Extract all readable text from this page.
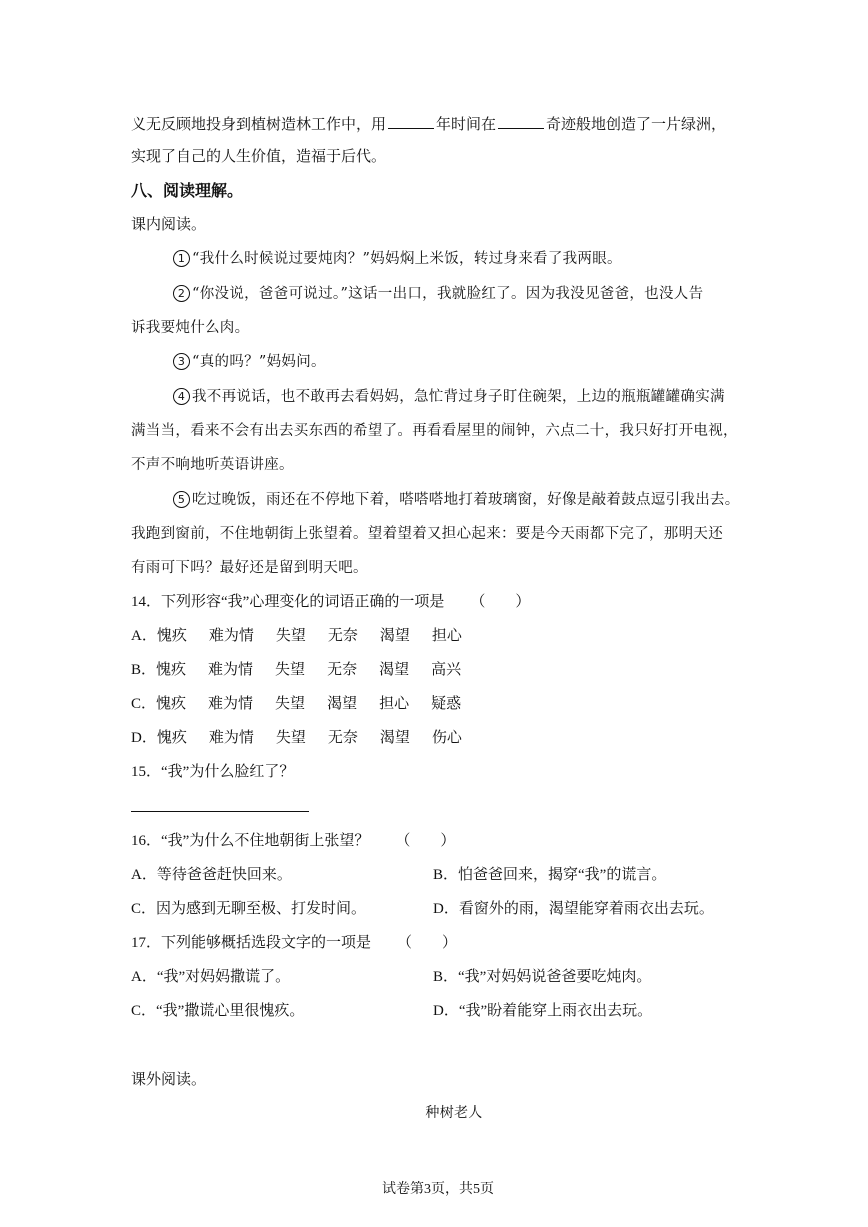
义无反顾地投身到植树造林工作中，用	年时间在	奇迹般地创造了一片绿洲，
实现了自己的人生价值，造福于后代。
八、阅读理解。
课内阅读。
1 “我什么时候说过要炖肉？”妈妈焖上米饭，转过身来看了我两眼。
2 “你没说，爸爸可说过。”这话一出口，我就脸红了。因为我没见爸爸，也没人告
诉我要炖什么肉。
3 “真的吗？”妈妈问。
4 我不再说话，也不敢再去看妈妈，急忙背过身子盯住碗架，上边的瓶瓶罐罐确实满
满当当，看来不会有出去买东西的希望了。再看看屋里的闹钟，六点二十，我只好打开电视，
不声不响地听英语讲座。
5 吃过晚饭，雨还在不停地下着，嗒嗒嗒地打着玻璃窗，好像是敲着鼓点逗引我出去。
我跑到窗前，不住地朝街上张望着。望着望着又担心起来：要是今天雨都下完了，那明天还
有雨可下吗？最好还是留到明天吧。
14．下列形容“我”心理变化的词语正确的一项是 （　　）
A．愧疚 难为情 失望 无奈 渴望 担心
B．愧疚 难为情 失望 无奈 渴望 高兴
C．愧疚 难为情 失望 渴望 担心 疑惑
D．愧疚 难为情 失望 无奈 渴望 伤心
15．“我”为什么脸红了？
16．“我”为什么不住地朝街上张望？ （　　）
A．等待爸爸赶快回来。	B．怕爸爸回来，揭穿“我”的谎言。
C．因为感到无聊至极、打发时间。	D．看窗外的雨，渴望能穿着雨衣出去玩。
17．下列能够概括选段文字的一项是 （　　）
A．“我”对妈妈撒谎了。	B．“我”对妈妈说爸爸要吃炖肉。
C．“我”撒谎心里很愧疚。	D．“我”盼着能穿上雨衣出去玩。
课外阅读。
种树老人
试卷第3页，共5页
